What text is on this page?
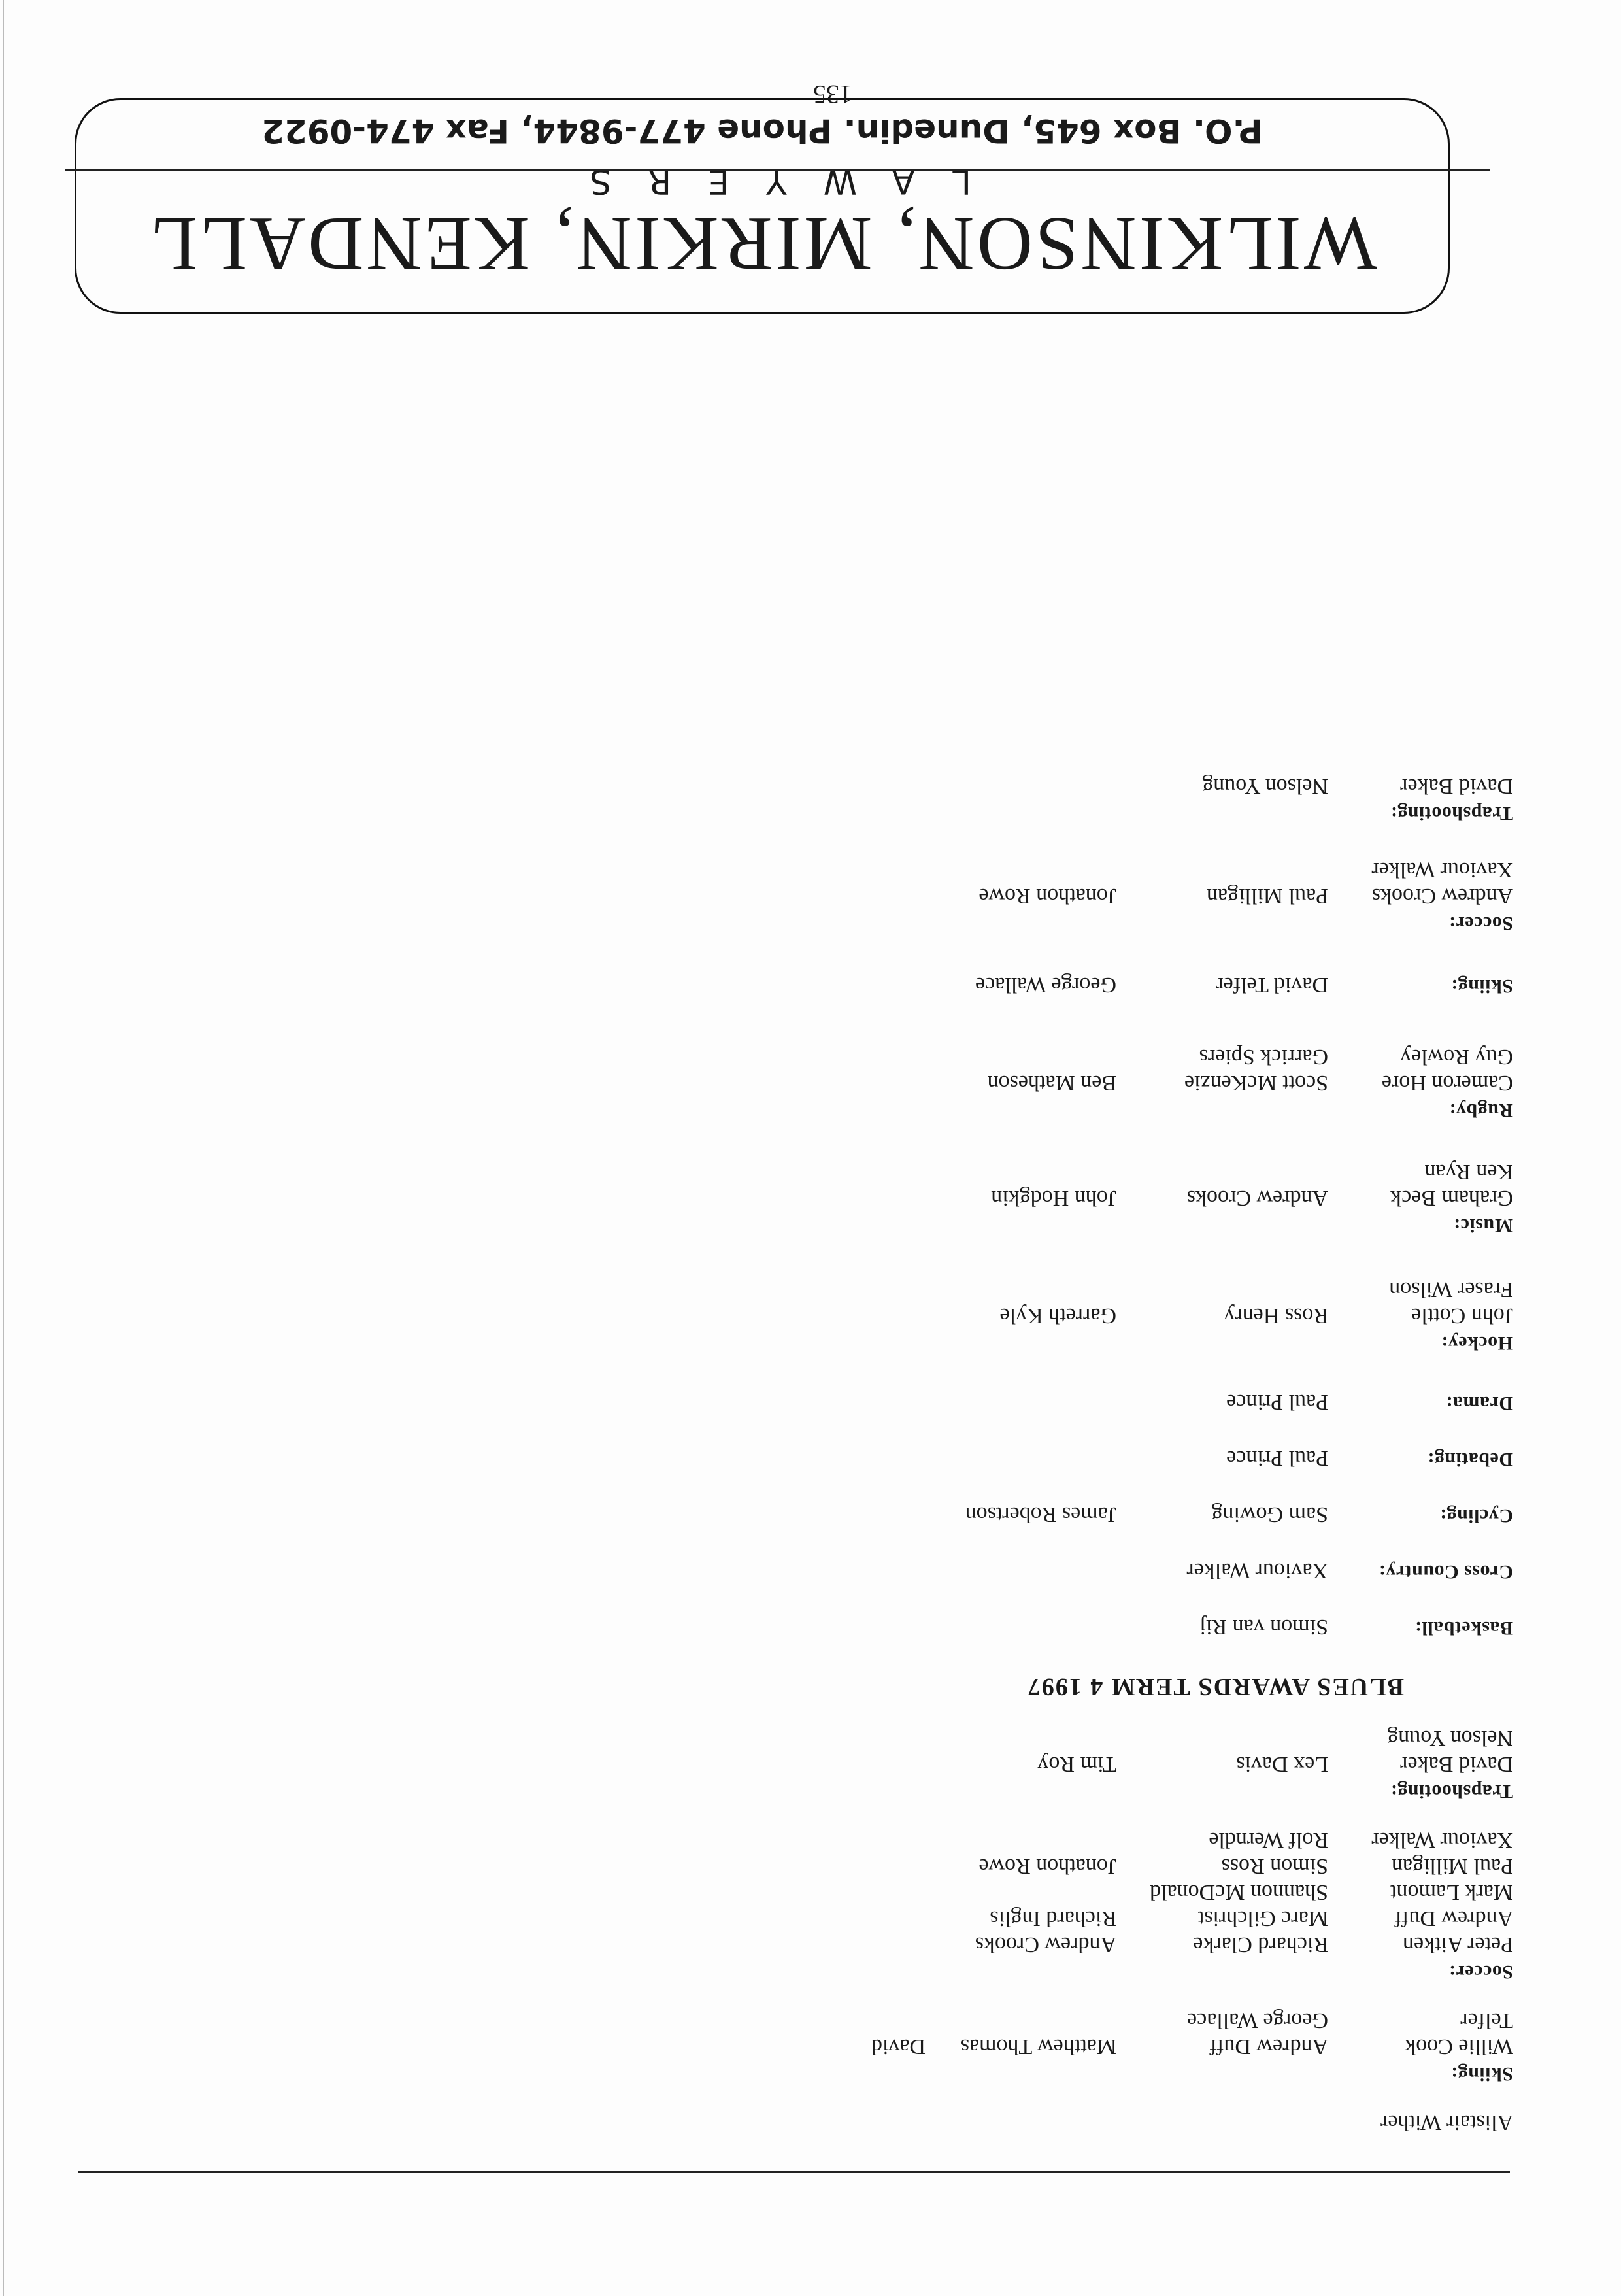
Alistair Wither
Skiing:
Willie Cook
Andrew Duff
Matthew Thomas
David
Telfer
George Wallace
Soccer:
Peter Aitken
Richard Clarke
Andrew Crooks
Andrew Duff
Marc Gilchrist
Richard Inglis
Mark Lamont
Shannon McDonald
Paul Milligan
Simon Ross
Jonathon Rowe
Xaviour Walker
Rolf Werndle
Trapshooting:
David Baker
Lex Davis
Tim Roy
Nelson Young
BLUES AWARDS TERM 4 1997
Basketball:
Simon van Rij
Cross Country:
Xaviour Walker
Cycling:
Sam Gowing
James Robertson
Debating:
Paul Prince
Drama:
Paul Prince
Hockey:
John Cottle
Ross Henry
Garreth Kyle
Fraser Wilson
Music:
Graham Beck
Andrew Crooks
John Hodgkin
Ken Ryan
Rugby:
Cameron Hore
Scott McKenzie
Ben Matheson
Guy Rowley
Garrick Spiers
Skiing:
David Telfer
George Wallace
Soccer:
Andrew Crooks
Paul Milligan
Jonathon Rowe
Xaviour Walker
Trapshooting:
David Baker
Nelson Young
WILKINSON, MIRKIN, KENDALL
LAWYERS
P.O. Box 645, Dunedin. Phone 477-9844, Fax 474-0922
135
